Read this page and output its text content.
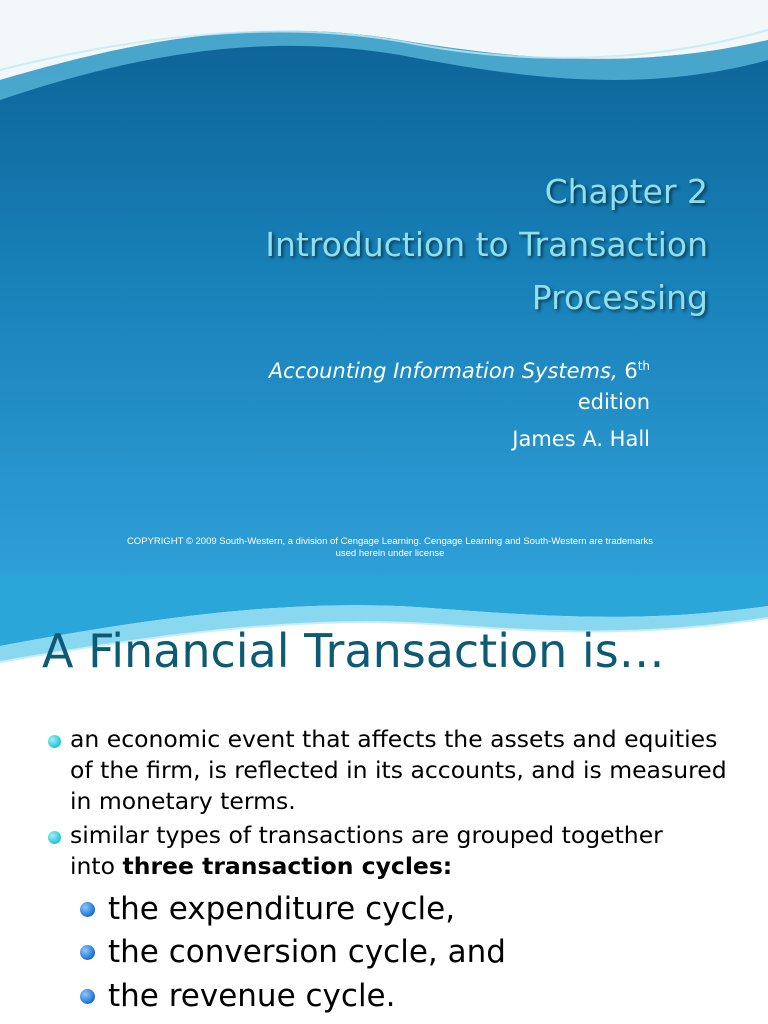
Chapter 2
Introduction to Transaction
Processing
Accounting Information Systems, 6th
edition
James A. Hall
COPYRIGHT © 2009 South-Western, a division of Cengage Learning. Cengage Learning and South-Western are trademarks used herein under license
A Financial Transaction is…
an economic event that affects the assets and equities of the firm, is reflected in its accounts, and is measured in monetary terms.
similar types of transactions are grouped together into three transaction cycles:
the expenditure cycle,
the conversion cycle, and
the revenue cycle.
